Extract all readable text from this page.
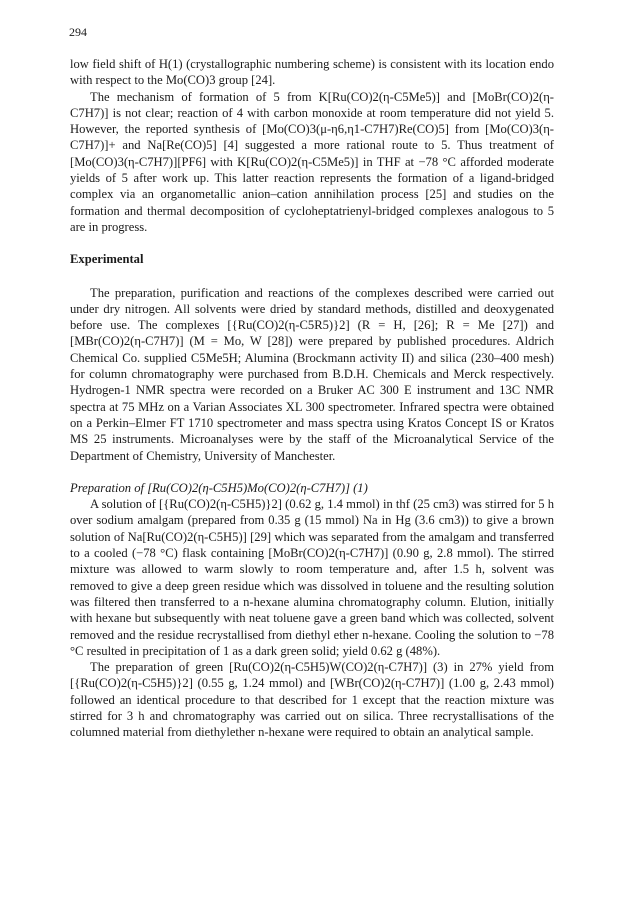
294

low field shift of H(1) (crystallographic numbering scheme) is consistent with its location endo with respect to the Mo(CO)3 group [24].

The mechanism of formation of 5 from K[Ru(CO)2(η-C5Me5)] and [MoBr(CO)2(η-C7H7)] is not clear; reaction of 4 with carbon monoxide at room temperature did not yield 5. However, the reported synthesis of [Mo(CO)3(μ-η6,η1-C7H7)Re(CO)5] from [Mo(CO)3(η-C7H7)]+ and Na[Re(CO)5] [4] suggested a more rational route to 5. Thus treatment of [Mo(CO)3(η-C7H7)][PF6] with K[Ru(CO)2(η-C5Me5)] in THF at −78 °C afforded moderate yields of 5 after work up. This latter reaction represents the formation of a ligand-bridged complex via an organometallic anion–cation annihilation process [25] and studies on the formation and thermal decomposition of cycloheptatrienyl-bridged complexes analogous to 5 are in progress.

Experimental

The preparation, purification and reactions of the complexes described were carried out under dry nitrogen. All solvents were dried by standard methods, distilled and deoxygenated before use. The complexes [{Ru(CO)2(η-C5R5)}2] (R = H, [26]; R = Me [27]) and [MBr(CO)2(η-C7H7)] (M = Mo, W [28]) were prepared by published procedures. Aldrich Chemical Co. supplied C5Me5H; Alumina (Brockmann activity II) and silica (230–400 mesh) for column chromatography were purchased from B.D.H. Chemicals and Merck respectively. Hydrogen-1 NMR spectra were recorded on a Bruker AC 300 E instrument and 13C NMR spectra at 75 MHz on a Varian Associates XL 300 spectrometer. Infrared spectra were obtained on a Perkin–Elmer FT 1710 spectrometer and mass spectra using Kratos Concept IS or Kratos MS 25 instruments. Microanalyses were by the staff of the Microanalytical Service of the Department of Chemistry, University of Manchester.

Preparation of [Ru(CO)2(η-C5H5)Mo(CO)2(η-C7H7)] (1)

A solution of [{Ru(CO)2(η-C5H5)}2] (0.62 g, 1.4 mmol) in thf (25 cm3) was stirred for 5 h over sodium amalgam (prepared from 0.35 g (15 mmol) Na in Hg (3.6 cm3)) to give a brown solution of Na[Ru(CO)2(η-C5H5)] [29] which was separated from the amalgam and transferred to a cooled (−78 °C) flask containing [MoBr(CO)2(η-C7H7)] (0.90 g, 2.8 mmol). The stirred mixture was allowed to warm slowly to room temperature and, after 1.5 h, solvent was removed to give a deep green residue which was dissolved in toluene and the resulting solution was filtered then transferred to a n-hexane alumina chromatography column. Elution, initially with hexane but subsequently with neat toluene gave a green band which was collected, solvent removed and the residue recrystallised from diethyl ether n-hexane. Cooling the solution to −78 °C resulted in precipitation of 1 as a dark green solid; yield 0.62 g (48%).

The preparation of green [Ru(CO)2(η-C5H5)W(CO)2(η-C7H7)] (3) in 27% yield from [{Ru(CO)2(η-C5H5)}2] (0.55 g, 1.24 mmol) and [WBr(CO)2(η-C7H7)] (1.00 g, 2.43 mmol) followed an identical procedure to that described for 1 except that the reaction mixture was stirred for 3 h and chromatography was carried out on silica. Three recrystallisations of the columned material from diethylether n-hexane were required to obtain an analytical sample.
